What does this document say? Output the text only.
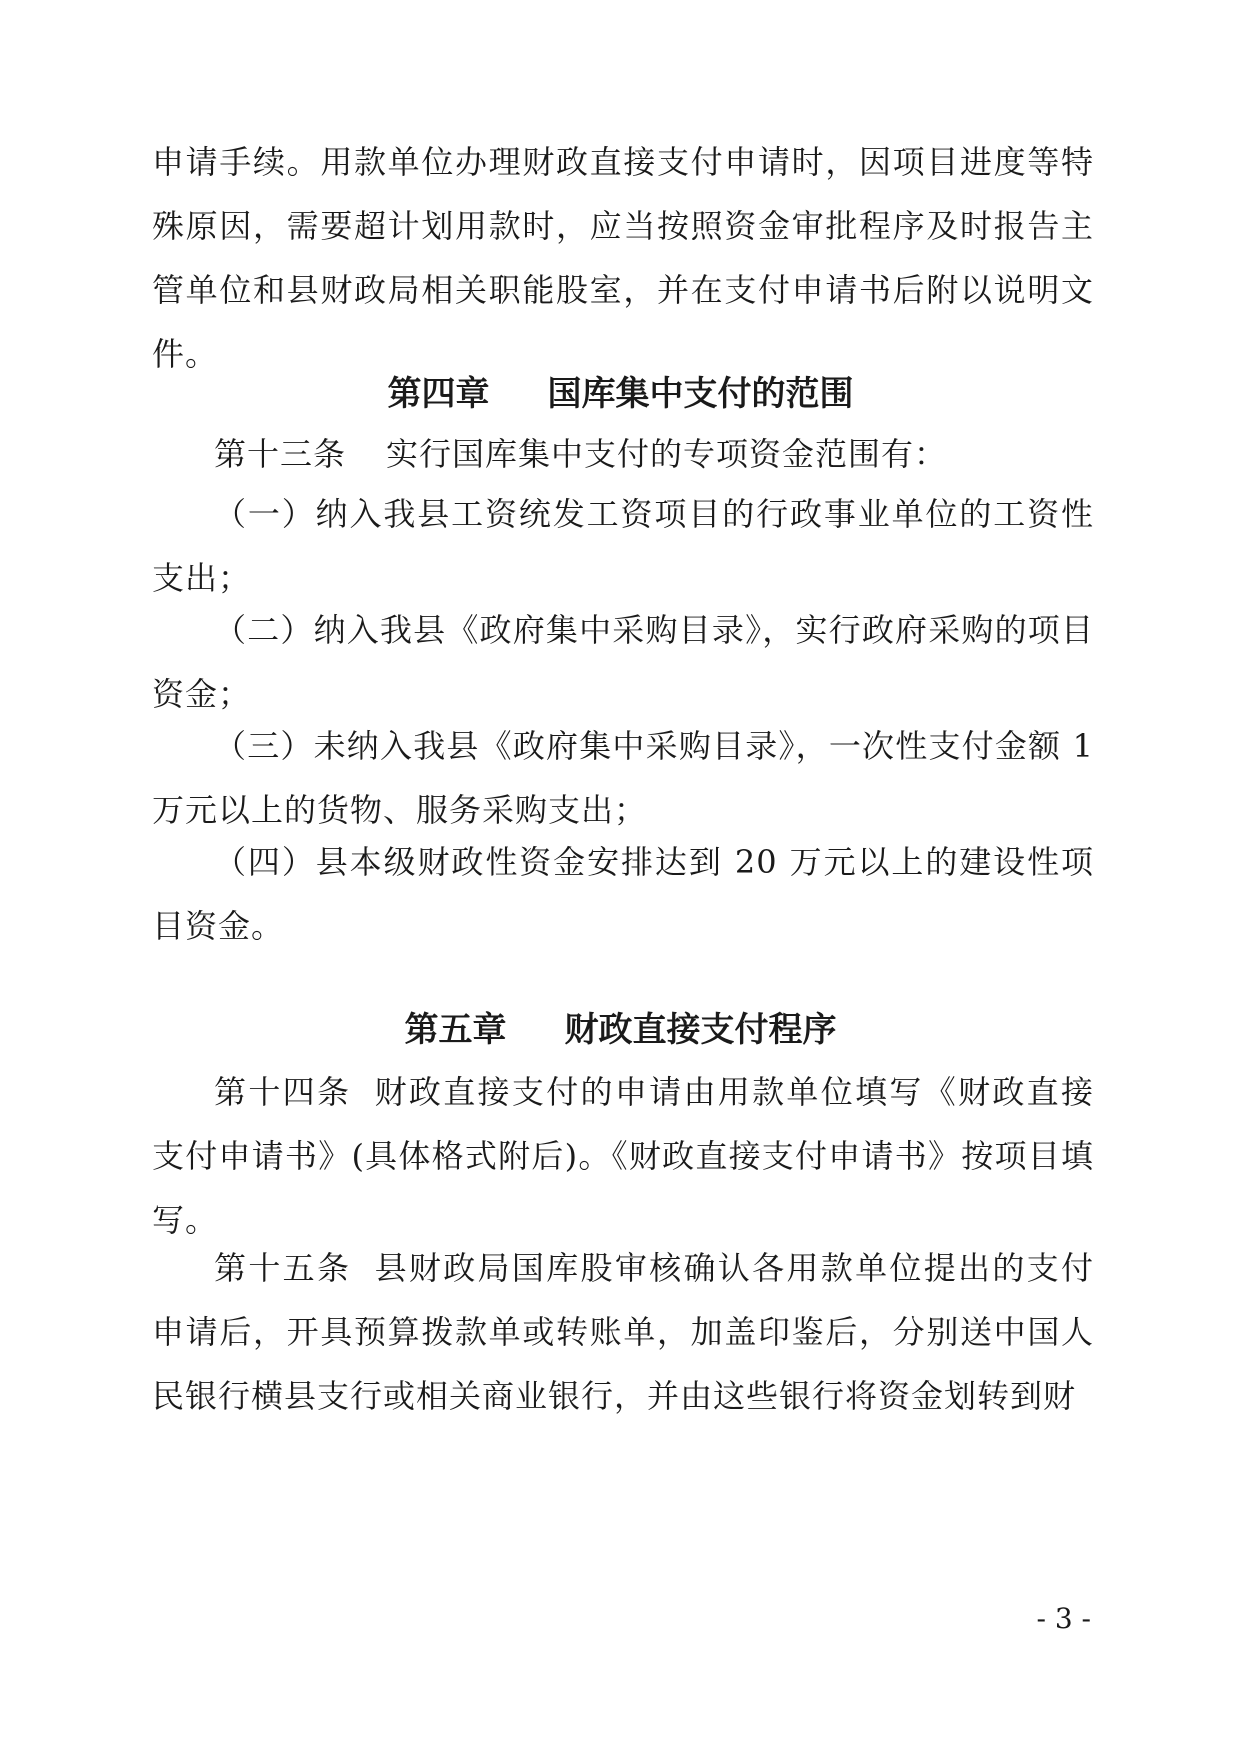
申请手续。用款单位办理财政直接支付申请时，因项目进度等特殊原因，需要超计划用款时，应当按照资金审批程序及时报告主管单位和县财政局相关职能股室，并在支付申请书后附以说明文件。

第四章 国库集中支付的范围

第十三条 实行国库集中支付的专项资金范围有：

（一）纳入我县工资统发工资项目的行政事业单位的工资性支出；

（二）纳入我县《政府集中采购目录》，实行政府采购的项目资金；

（三）未纳入我县《政府集中采购目录》，一次性支付金额 1 万元以上的货物、服务采购支出；

（四）县本级财政性资金安排达到 20 万元以上的建设性项目资金。

第五章 财政直接支付程序

第十四条 财政直接支付的申请由用款单位填写《财政直接支付申请书》(具体格式附后)。《财政直接支付申请书》按项目填写。

第十五条 县财政局国库股审核确认各用款单位提出的支付申请后，开具预算拨款单或转账单，加盖印鉴后，分别送中国人民银行横县支行或相关商业银行，并由这些银行将资金划转到财

- 3 -
